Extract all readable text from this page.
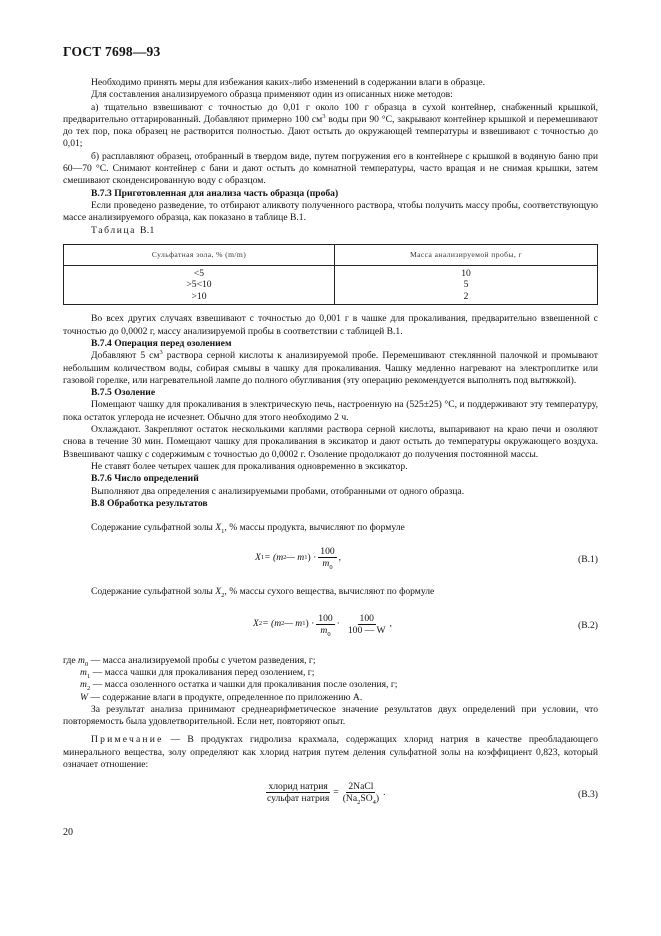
ГОСТ 7698—93

Необходимо принять меры для избежания каких-либо изменений в содержании влаги в образце.

Для составления анализируемого образца применяют один из описанных ниже методов:

а) тщательно взвешивают с точностью до 0,01 г около 100 г образца в сухой контейнер, снабженный крышкой, предварительно оттарированный. Добавляют примерно 100 $см^3$ воды при 90 °С, закрывают контейнер крышкой и перемешивают до тех пор, пока образец не растворится полностью. Дают остыть до окружающей температуры и взвешивают с точностью до 0,01;

б) расплавляют образец, отобранный в твердом виде, путем погружения его в контейнере с крышкой в водяную баню при 60—70 °С. Снимают контейнер с бани и дают остыть до комнатной температуры, часто вращая и не снимая крышки, затем смешивают сконденсированную воду с образцом.

В.7.3 Приготовленная для анализа часть образца (проба)

Если проведено разведение, то отбирают аликвоту полученного раствора, чтобы получить массу пробы, соответствующую массе анализируемого образца, как показано в таблице В.1.

Таблица В.1

Сульфатная зола, % (m/m)	Масса анализируемой пробы, г
<5	10
>5<10	5
>10	2

Во всех других случаях взвешивают с точностью до 0,001 г в чашке для прокаливания, предварительно взвешенной с точностью до 0,0002 г, массу анализируемой пробы в соответствии с таблицей В.1.

В.7.4 Операция перед озолением

Добавляют 5 $см^3$ раствора серной кислоты к анализируемой пробе. Перемешивают стеклянной палочкой и промывают небольшим количеством воды, собирая смывы в чашку для прокаливания. Чашку медленно нагревают на электроплитке или газовой горелке, или нагревательной лампе до полного обугливания (эту операцию рекомендуется выполнять под вытяжкой).

В.7.5 Озоление

Помещают чашку для прокаливания в электрическую печь, настроенную на (525±25) °С, и поддерживают эту температуру, пока остаток углерода не исчезнет. Обычно для этого необходимо 2 ч.

Охлаждают. Закрепляют остаток несколькими каплями раствора серной кислоты, выпаривают на краю печи и озоляют снова в течение 30 мин. Помещают чашку для прокаливания в эксикатор и дают остыть до температуры окружающего воздуха. Взвешивают чашку с содержимым с точностью до 0,0002 г. Озоление продолжают до получения постоянной массы.

Не ставят более четырех чашек для прокаливания одновременно в эксикатор.

В.7.6 Число определений

Выполняют два определения с анализируемыми пробами, отобранными от одного образца.

В.8 Обработка результатов

Содержание сульфатной золы $X_1$, % массы продукта, вычисляют по формуле

X 1 = (m 2 — m 1 ) · $\frac{100}{m_0}$ ,	(В.1)

Содержание сульфатной золы $X_2$, % массы сухого вещества, вычисляют по формуле

X 2 = (m 2 — m 1 ) · $\frac{100}{m_0} \cdot \frac{100}{100 — W}$ ,	(В.2)

где $m_0$ — масса анализируемой пробы с учетом разведения, г;

$m_1$ — масса чашки для прокаливания перед озолением, г;

$m_2$ — масса озоленного остатка и чашки для прокаливания после озоления, г;

W — содержание влаги в продукте, определенное по приложению А.

За результат анализа принимают среднеарифметическое значение результатов двух определений при условии, что повторяемость была удовлетворительной. Если нет, повторяют опыт.

Примечание — В продуктах гидролиза крахмала, содержащих хлорид натрия в качестве преобладающего минерального вещества, золу определяют как хлорид натрия путем деления сульфатной золы на коэффициент 0,823, который означает отношение:

$\frac{\text{хлорид натрия}}{\text{сульфат натрия}} = \frac{\text{2NaCl}}{(Na_2SO_4)}$ .	(В.3)
20
